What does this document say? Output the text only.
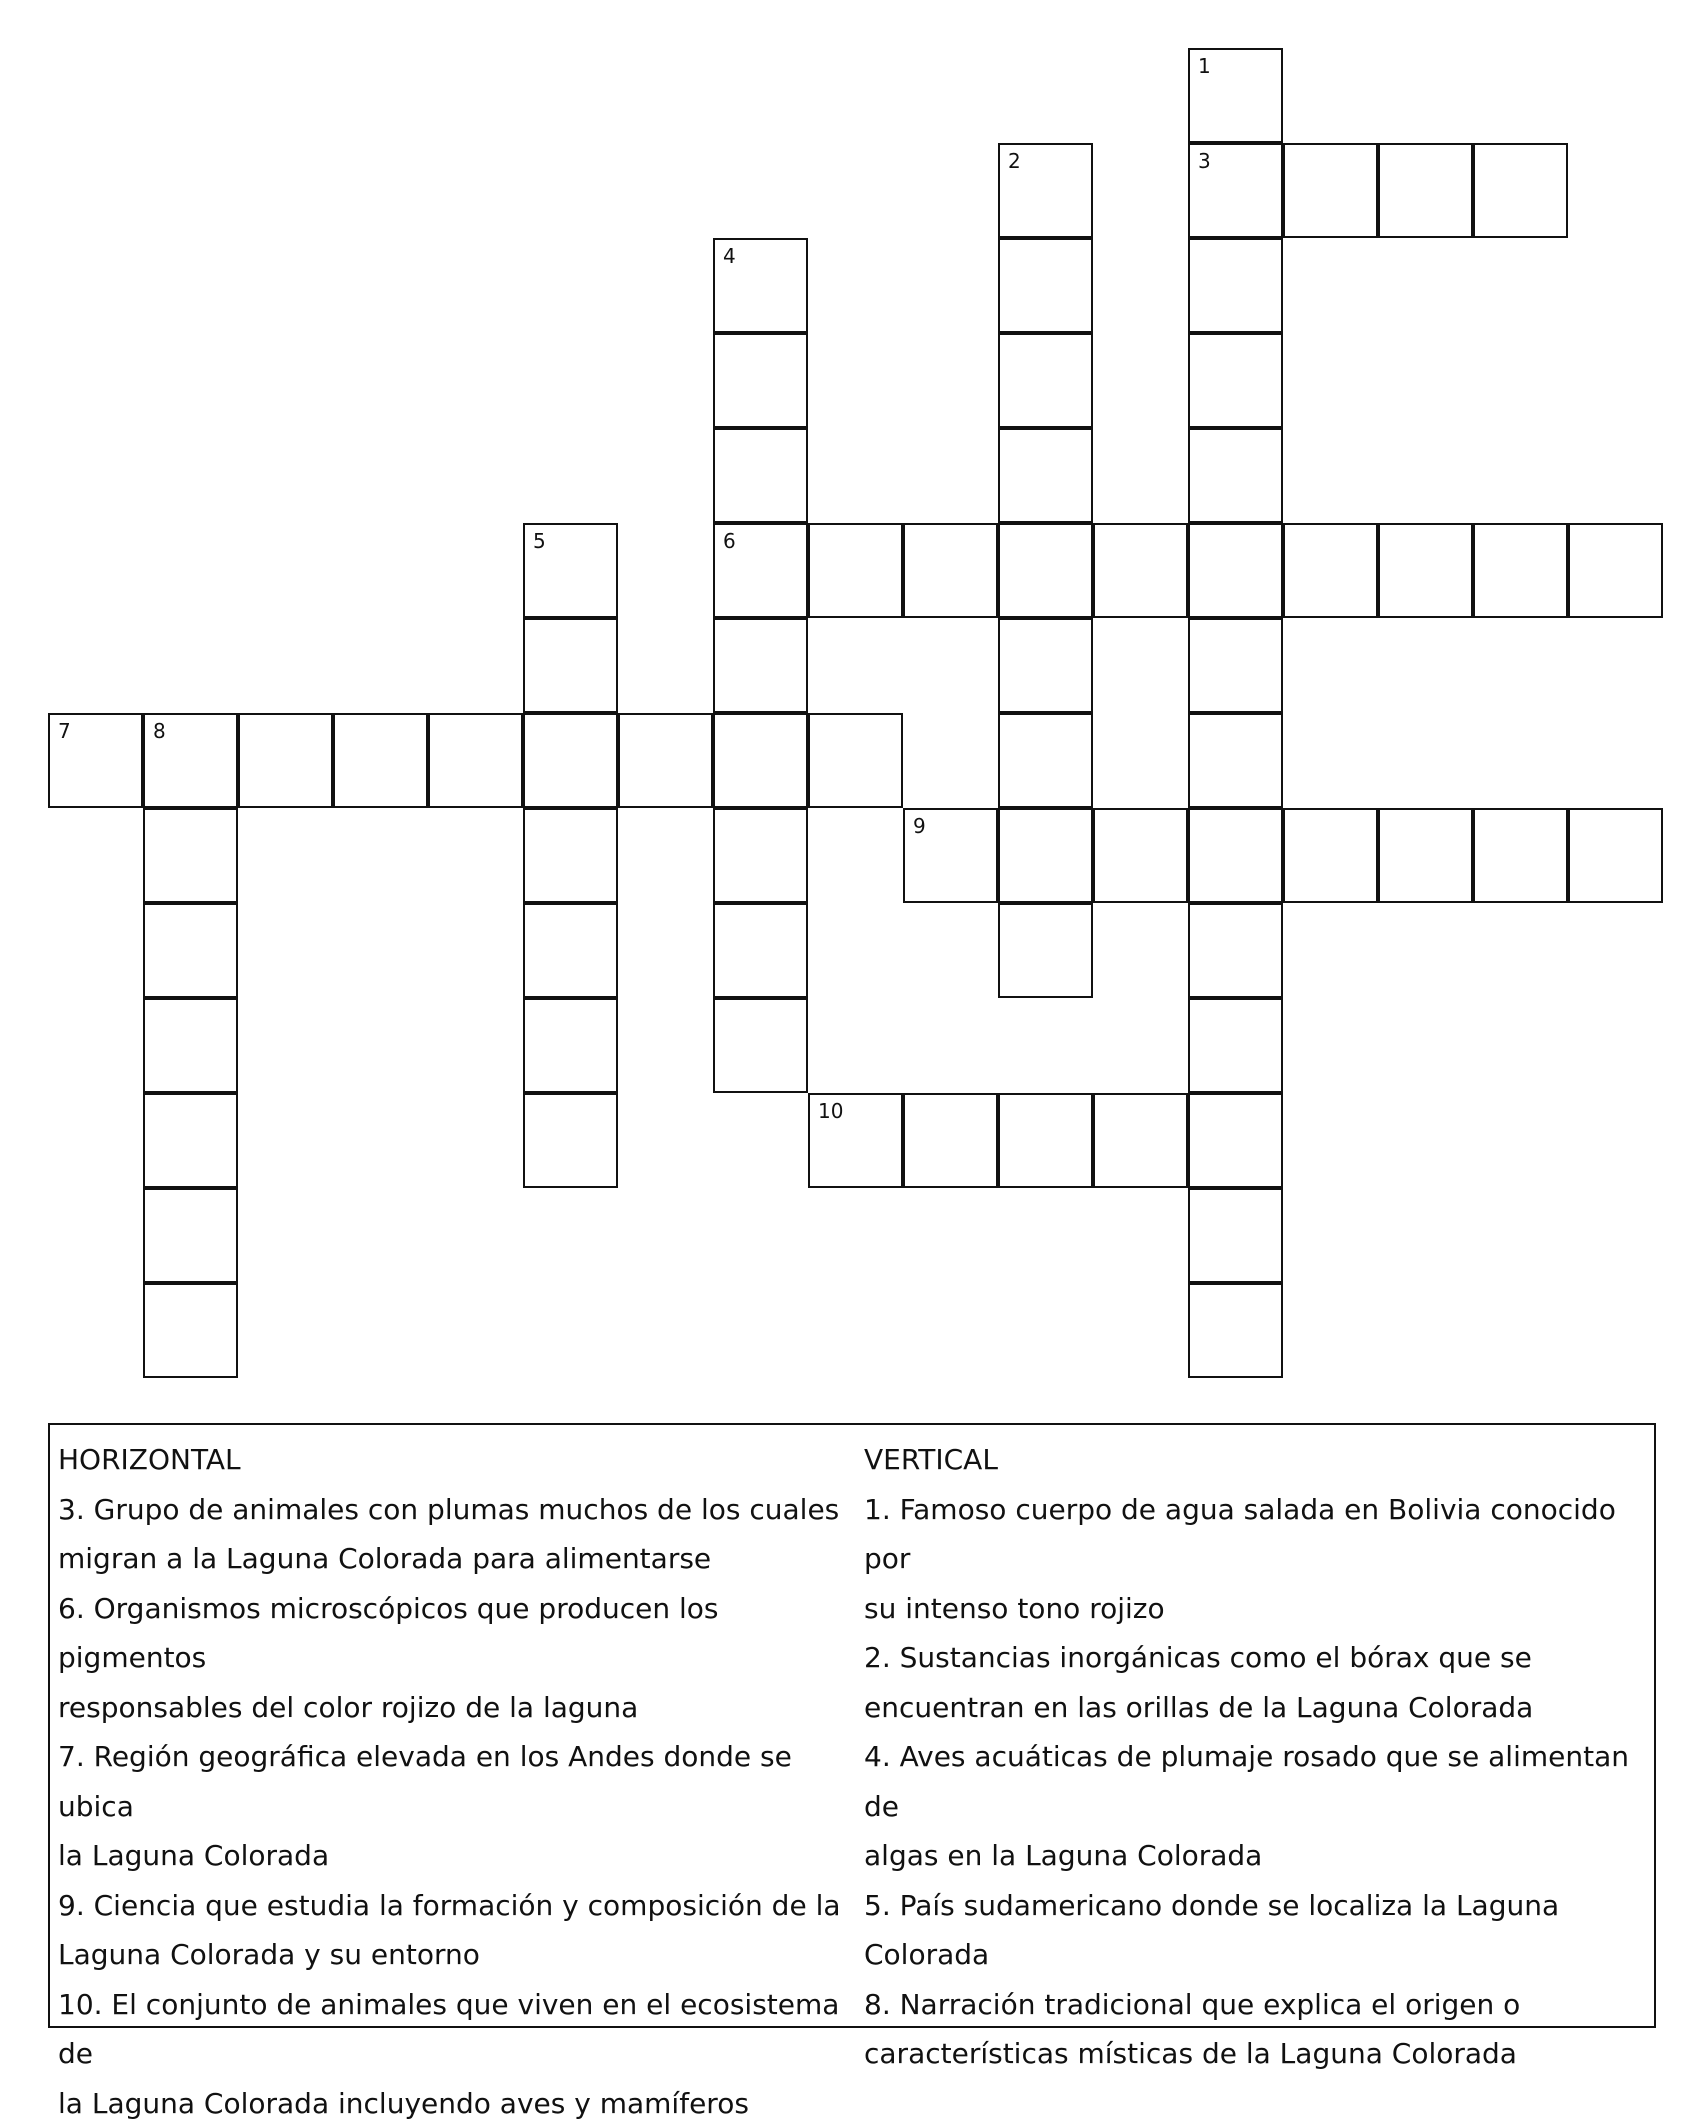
1
3
2
4
6
5
7	8
9
10
HORIZONTAL
3. Grupo de animales con plumas muchos de los cuales
migran a la Laguna Colorada para alimentarse
6. Organismos microscópicos que producen los pigmentos
responsables del color rojizo de la laguna
7. Región geográfica elevada en los Andes donde se ubica
la Laguna Colorada
9. Ciencia que estudia la formación y composición de la
Laguna Colorada y su entorno
10. El conjunto de animales que viven en el ecosistema de
la Laguna Colorada incluyendo aves y mamíferos
VERTICAL
1. Famoso cuerpo de agua salada en Bolivia conocido por
su intenso tono rojizo
2. Sustancias inorgánicas como el bórax que se
encuentran en las orillas de la Laguna Colorada
4. Aves acuáticas de plumaje rosado que se alimentan de
algas en la Laguna Colorada
5. País sudamericano donde se localiza la Laguna
Colorada
8. Narración tradicional que explica el origen o
características místicas de la Laguna Colorada
